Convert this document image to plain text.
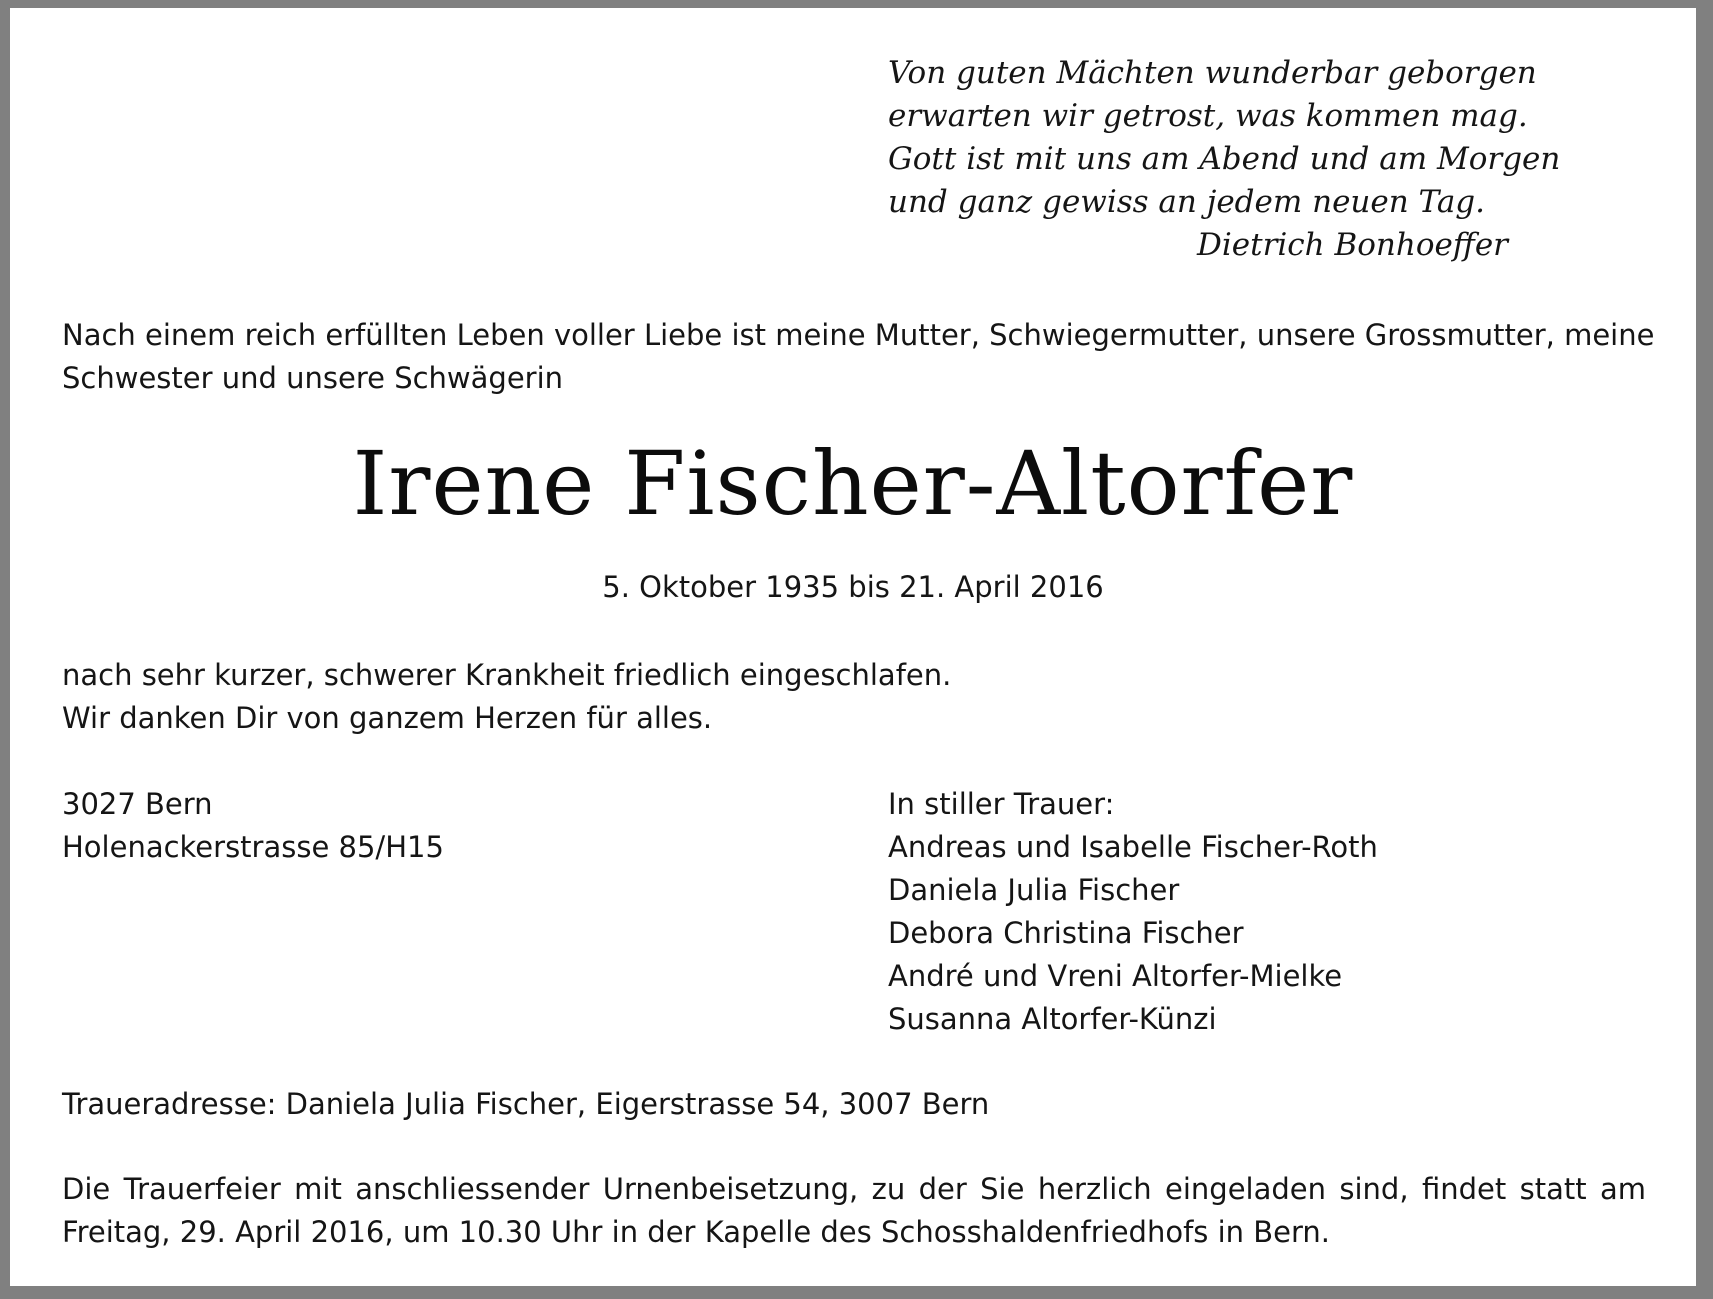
Von guten Mächten wunderbar geborgen
erwarten wir getrost, was kommen mag.
Gott ist mit uns am Abend und am Morgen
und ganz gewiss an jedem neuen Tag.
Dietrich Bonhoeffer
Nach einem reich erfüllten Leben voller Liebe ist meine Mutter, Schwiegermutter, unsere Grossmutter, meine Schwester und unsere Schwägerin
Irene Fischer-Altorfer
5. Oktober 1935 bis 21. April 2016
nach sehr kurzer, schwerer Krankheit friedlich eingeschlafen.
Wir danken Dir von ganzem Herzen für alles.
3027 Bern
Holenackerstrasse 85/H15
In stiller Trauer:
Andreas und Isabelle Fischer-Roth
Daniela Julia Fischer
Debora Christina Fischer
André und Vreni Altorfer-Mielke
Susanna Altorfer-Künzi
Traueradresse: Daniela Julia Fischer, Eigerstrasse 54, 3007 Bern
Die Trauerfeier mit anschliessender Urnenbeisetzung, zu der Sie herzlich eingeladen sind, findet statt am Freitag, 29. April 2016, um 10.30 Uhr in der Kapelle des Schosshaldenfriedhofs in Bern.
